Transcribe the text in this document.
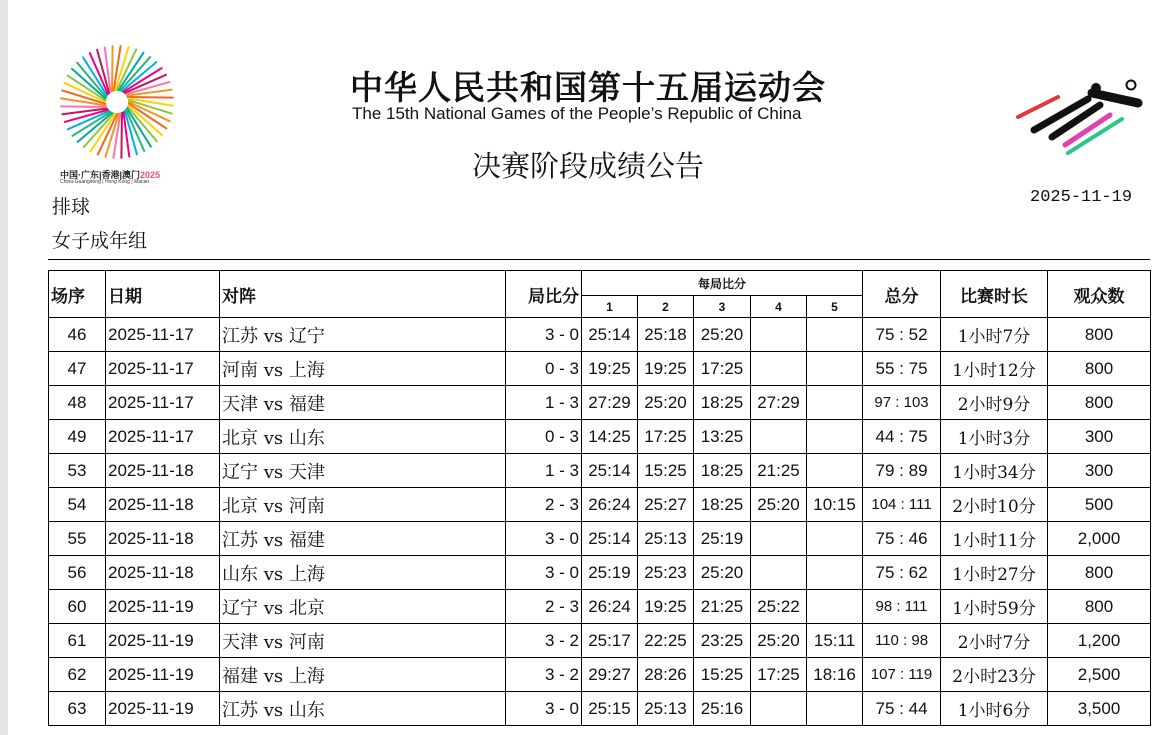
中国·广东|香港|澳门2025
China-Guangdong | Hong Kong | Macao
中华人民共和国第十五届运动会
The 15th National Games of the People’s Republic of China
决赛阶段成绩公告
2025-11-19
排球
女子成年组
场序	日期	对阵	局比分	每局比分					总分	比赛时长	观众数
				1	2	3	4	5			
46	2025-11-17	江苏 vs 辽宁	3 - 0	25:14	25:18	25:20			75 : 52	1小时7分	800
47	2025-11-17	河南 vs 上海	0 - 3	19:25	19:25	17:25			55 : 75	1小时12分	800
48	2025-11-17	天津 vs 福建	1 - 3	27:29	25:20	18:25	27:29		97 : 103	2小时9分	800
49	2025-11-17	北京 vs 山东	0 - 3	14:25	17:25	13:25			44 : 75	1小时3分	300
53	2025-11-18	辽宁 vs 天津	1 - 3	25:14	15:25	18:25	21:25		79 : 89	1小时34分	300
54	2025-11-18	北京 vs 河南	2 - 3	26:24	25:27	18:25	25:20	10:15	104 : 111	2小时10分	500
55	2025-11-18	江苏 vs 福建	3 - 0	25:14	25:13	25:19			75 : 46	1小时11分	2,000
56	2025-11-18	山东 vs 上海	3 - 0	25:19	25:23	25:20			75 : 62	1小时27分	800
60	2025-11-19	辽宁 vs 北京	2 - 3	26:24	19:25	21:25	25:22		98 : 111	1小时59分	800
61	2025-11-19	天津 vs 河南	3 - 2	25:17	22:25	23:25	25:20	15:11	110 : 98	2小时7分	1,200
62	2025-11-19	福建 vs 上海	3 - 2	29:27	28:26	15:25	17:25	18:16	107 : 119	2小时23分	2,500
63	2025-11-19	江苏 vs 山东	3 - 0	25:15	25:13	25:16			75 : 44	1小时6分	3,500
